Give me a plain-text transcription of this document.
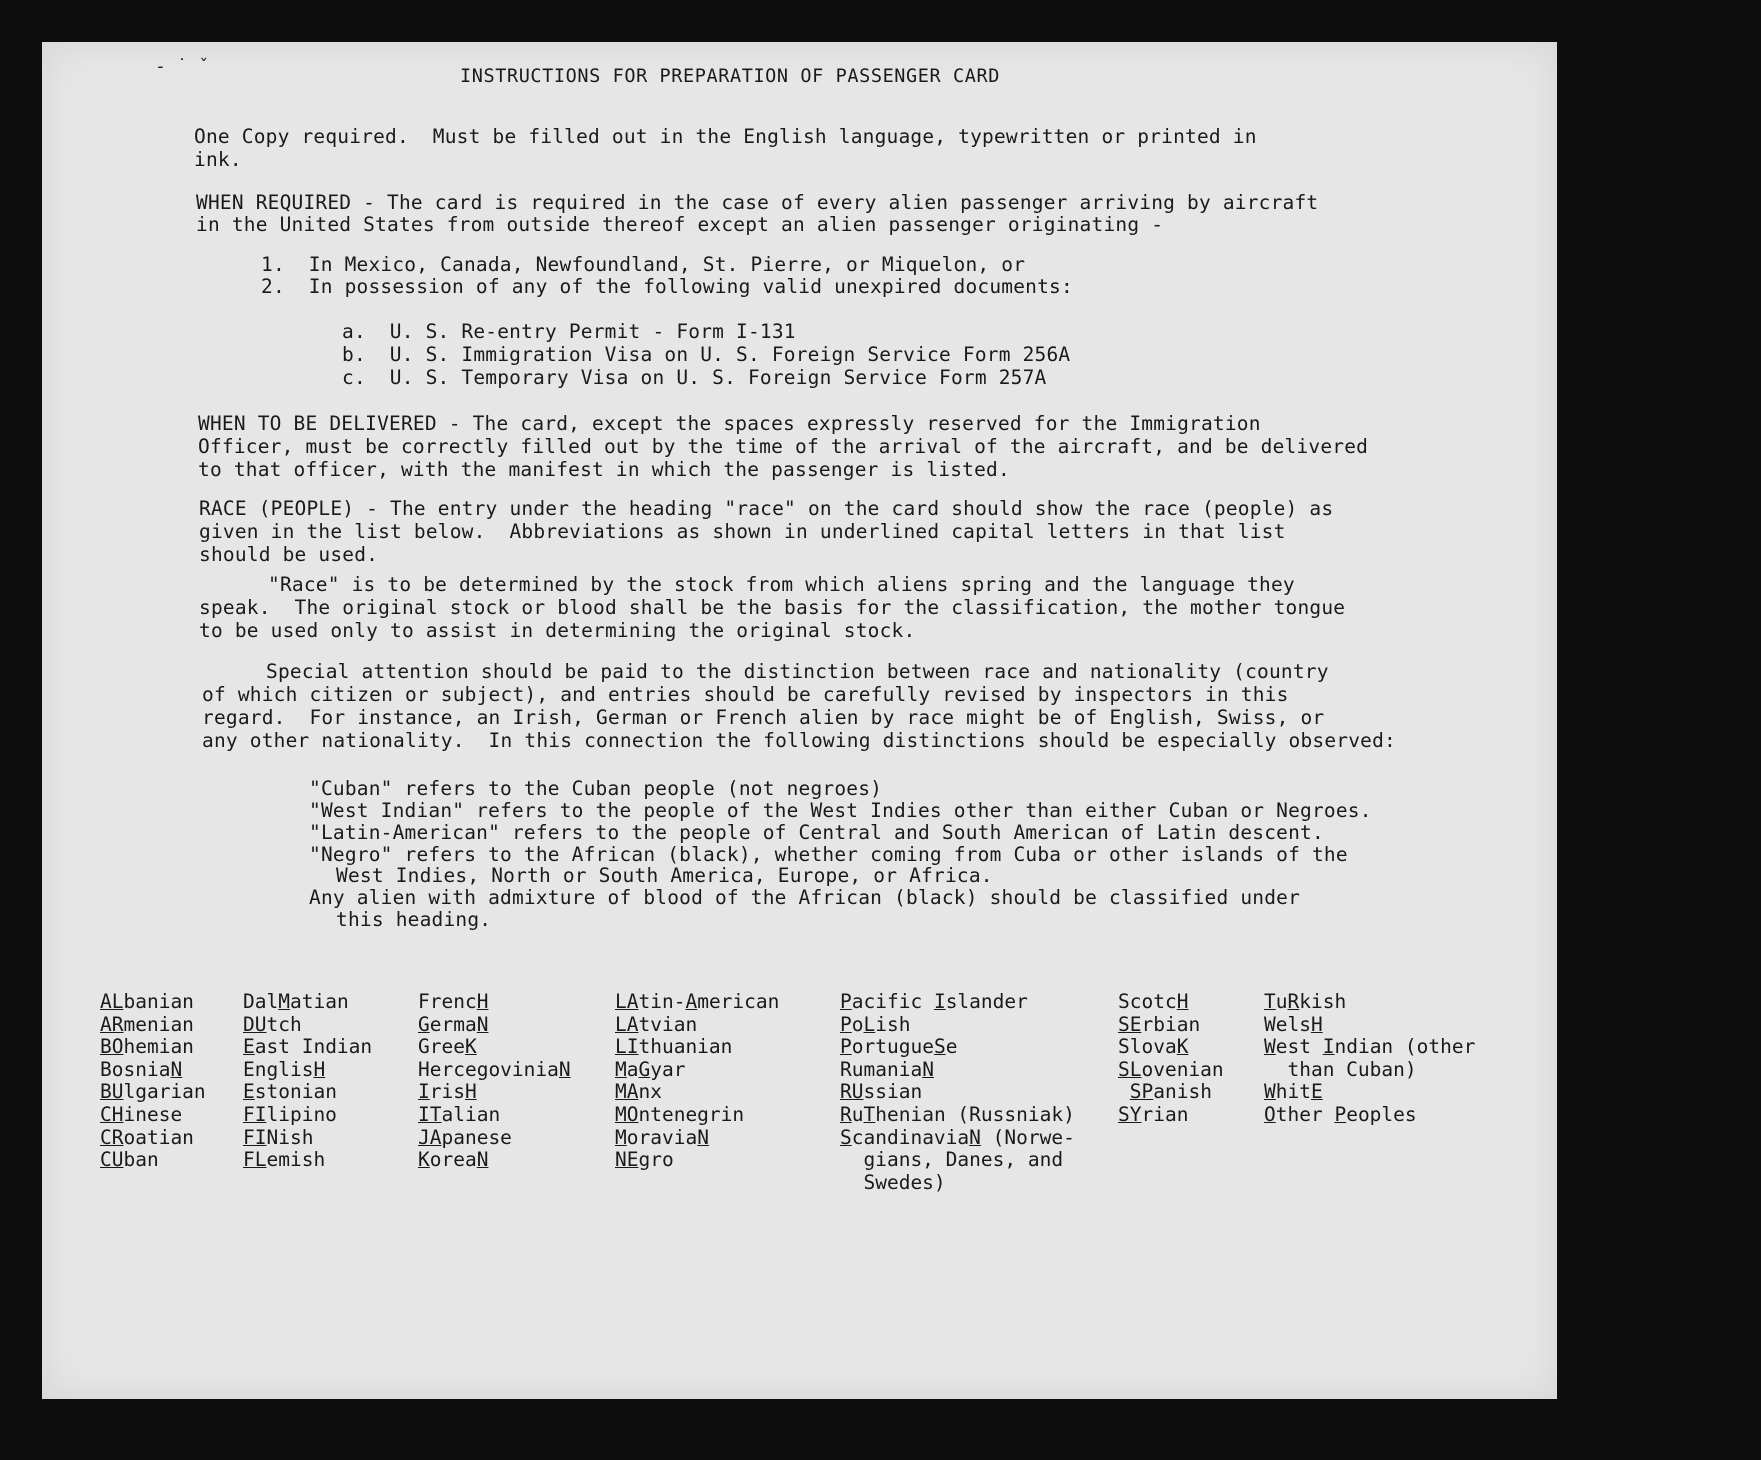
- ˙ ˇ	INSTRUCTIONS FOR PREPARATION OF PASSENGER CARD
One Copy required.  Must be filled out in the English language, typewritten or printed in
ink.
WHEN REQUIRED - The card is required in the case of every alien passenger arriving by aircraft
in the United States from outside thereof except an alien passenger originating -
1.  In Mexico, Canada, Newfoundland, St. Pierre, or Miquelon, or
2.  In possession of any of the following valid unexpired documents:
a.  U. S. Re-entry Permit - Form I-131
b.  U. S. Immigration Visa on U. S. Foreign Service Form 256A
c.  U. S. Temporary Visa on U. S. Foreign Service Form 257A
WHEN TO BE DELIVERED - The card, except the spaces expressly reserved for the Immigration
Officer, must be correctly filled out by the time of the arrival of the aircraft, and be delivered
to that officer, with the manifest in which the passenger is listed.
RACE (PEOPLE) - The entry under the heading "race" on the card should show the race (people) as
given in the list below.  Abbreviations as shown in underlined capital letters in that list
should be used.
"Race" is to be determined by the stock from which aliens spring and the language they
speak.  The original stock or blood shall be the basis for the classification, the mother tongue
to be used only to assist in determining the original stock.
Special attention should be paid to the distinction between race and nationality (country
of which citizen or subject), and entries should be carefully revised by inspectors in this
regard.  For instance, an Irish, German or French alien by race might be of English, Swiss, or
any other nationality.  In this connection the following distinctions should be especially observed:
"Cuban" refers to the Cuban people (not negroes)
"West Indian" refers to the people of the West Indies other than either Cuban or Negroes.
"Latin-American" refers to the people of Central and South American of Latin descent.
"Negro" refers to the African (black), whether coming from Cuba or other islands of the
West Indies, North or South America, Europe, or Africa.
Any alien with admixture of blood of the African (black) should be classified under
this heading.
ALbanian
ARmenian
BOhemian
BosniaN
BUlgarian
CHinese
CRoatian
CUban
DalMatian
DUtch
East Indian
EnglisH
Estonian
FIlipino
FINish
FLemish
FrencH
GermaN
GreeK
HercegoviniaN
IrisH
ITalian
JApanese
KoreaN
LAtin-American
LAtvian
LIthuanian
MaGyar
MAnx
MOntenegrin
MoraviaN
NEgro
Pacific Islander
PoLish
PortugueSe
RumaniaN
RUssian
RuThenian (Russniak)
ScandinaviaN (Norwe-
gians, Danes, and
Swedes)
ScotcH
SErbian
SlovaK
SLovenian
SPanish
SYrian
TuRkish
WelsH
West Indian (other
than Cuban)
WhitE
Other Peoples
